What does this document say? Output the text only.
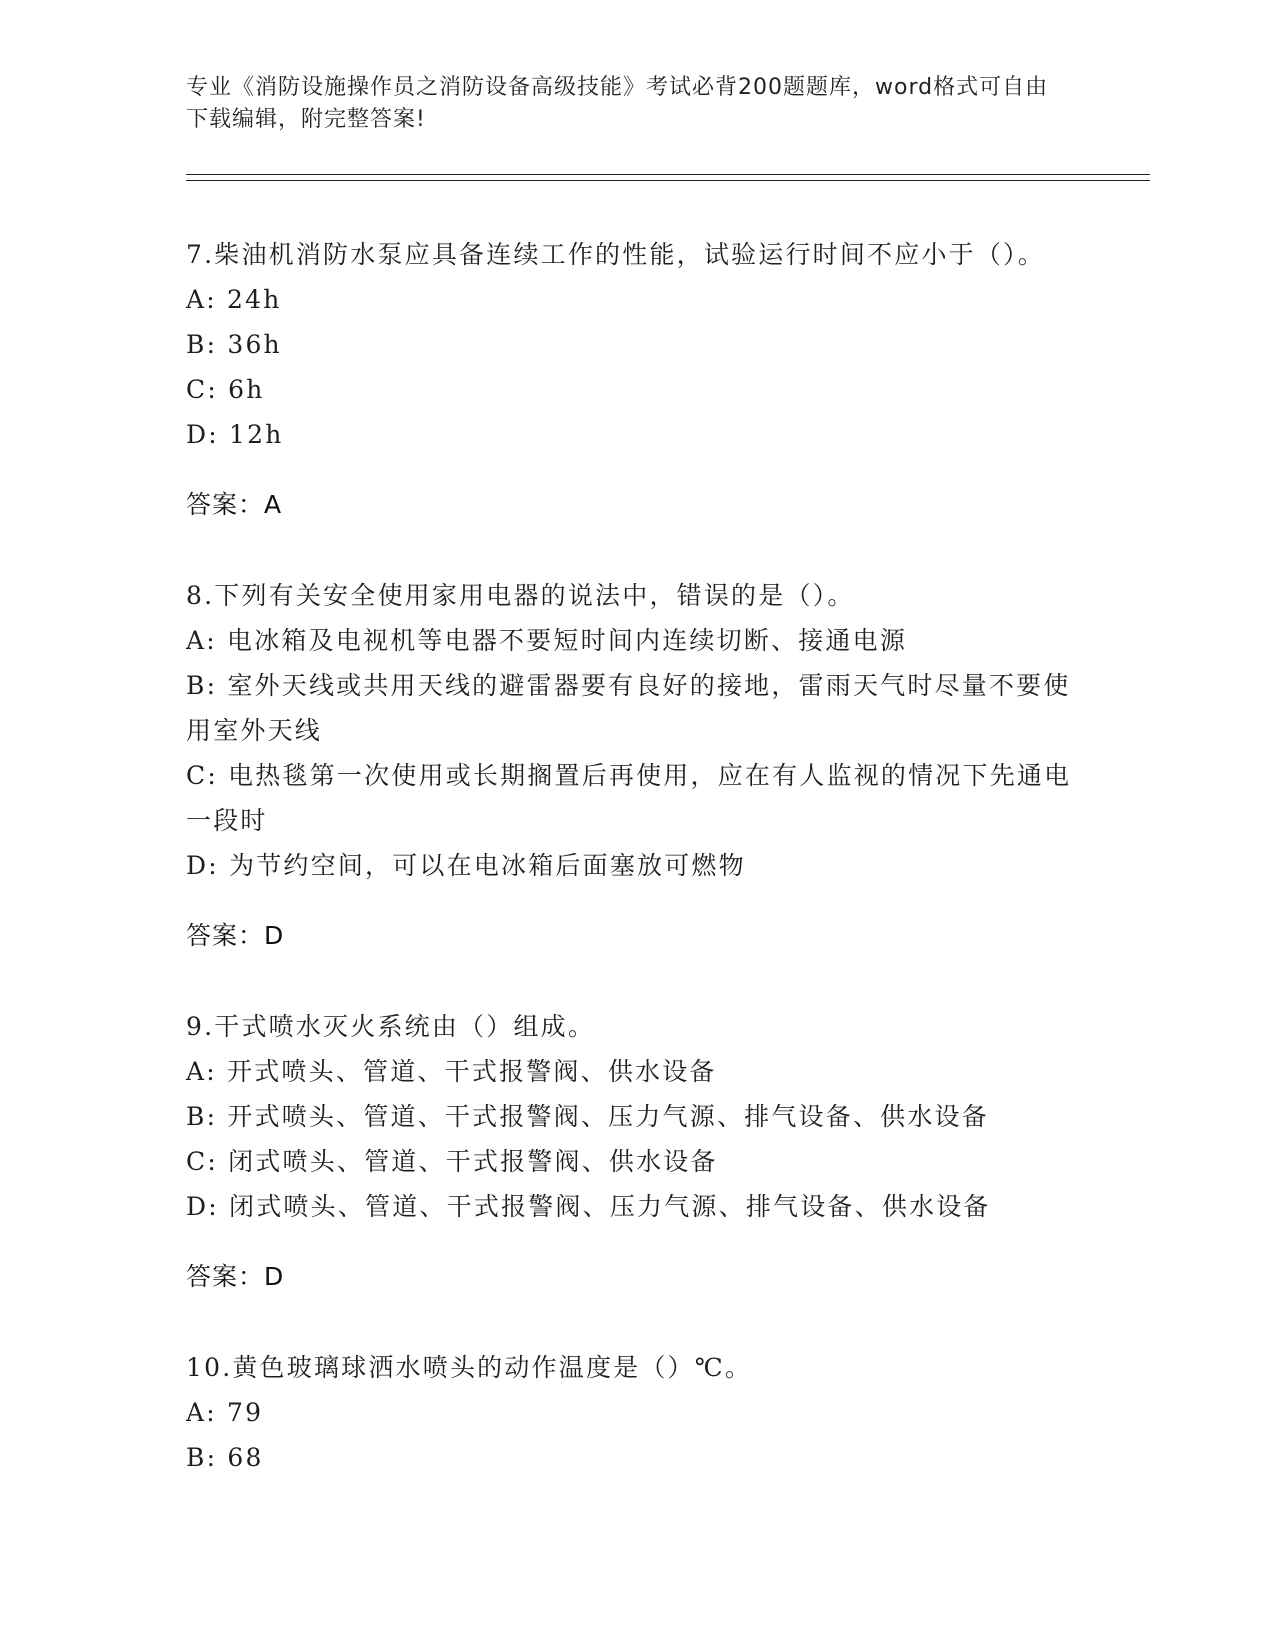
专业《消防设施操作员之消防设备高级技能》考试必背200题题库，word格式可自由下载编辑，附完整答案!

7.柴油机消防水泵应具备连续工作的性能，试验运行时间不应小于（）。

A: 24h

B: 36h

C: 6h

D: 12h

答案：A

8.下列有关安全使用家用电器的说法中，错误的是（）。

A: 电冰箱及电视机等电器不要短时间内连续切断、接通电源

B: 室外天线或共用天线的避雷器要有良好的接地，雷雨天气时尽量不要使用室外天线

C: 电热毯第一次使用或长期搁置后再使用，应在有人监视的情况下先通电一段时

D: 为节约空间，可以在电冰箱后面塞放可燃物

答案：D

9.干式喷水灭火系统由（）组成。

A: 开式喷头、管道、干式报警阀、供水设备

B: 开式喷头、管道、干式报警阀、压力气源、排气设备、供水设备

C: 闭式喷头、管道、干式报警阀、供水设备

D: 闭式喷头、管道、干式报警阀、压力气源、排气设备、供水设备

答案：D

10.黄色玻璃球洒水喷头的动作温度是（）℃。

A: 79

B: 68
